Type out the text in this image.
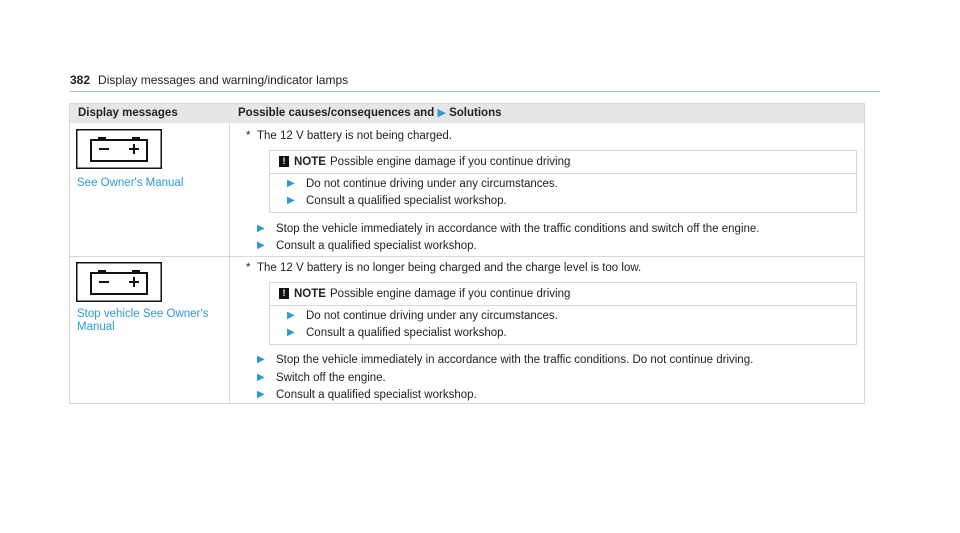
382 Display messages and warning/indicator lamps
Display messages	Possible causes/consequences and ▶ Solutions
See Owner's Manual
* The 12 V battery is not being charged.
! NOTE Possible engine damage if you continue driving
▶ Do not continue driving under any circumstances.
▶ Consult a qualified specialist workshop.
▶ Stop the vehicle immediately in accordance with the traffic conditions and switch off the engine.
▶ Consult a qualified specialist workshop.
Stop vehicle See Owner's Manual
* The 12 V battery is no longer being charged and the charge level is too low.
! NOTE Possible engine damage if you continue driving
▶ Do not continue driving under any circumstances.
▶ Consult a qualified specialist workshop.
▶ Stop the vehicle immediately in accordance with the traffic conditions. Do not continue driving.
▶ Switch off the engine.
▶ Consult a qualified specialist workshop.
